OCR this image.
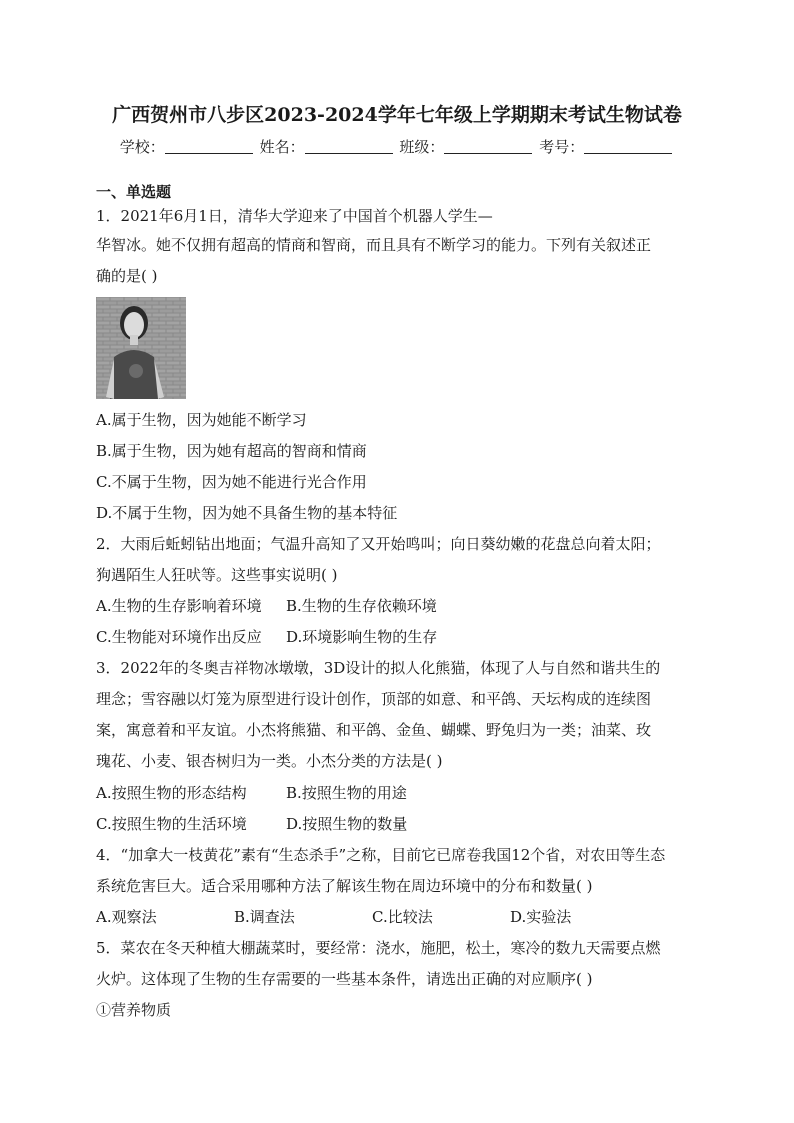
广西贺州市八步区2023-2024学年七年级上学期期末考试生物试卷
学校：	姓名：	班级：	考号：
一、单选题
1．2021年6月1日，清华大学迎来了中国首个机器人学生—
华智冰。她不仅拥有超高的情商和智商，而且具有不断学习的能力。下列有关叙述正
确的是( )
A.属于生物，因为她能不断学习
B.属于生物，因为她有超高的智商和情商
C.不属于生物，因为她不能进行光合作用
D.不属于生物，因为她不具备生物的基本特征
2．大雨后蚯蚓钻出地面；气温升高知了又开始鸣叫；向日葵幼嫩的花盘总向着太阳；
狗遇陌生人狂吠等。这些事实说明( )
A.生物的生存影响着环境 B.生物的生存依赖环境
C.生物能对环境作出反应 D.环境影响生物的生存
3．2022年的冬奥吉祥物冰墩墩，3D设计的拟人化熊猫，体现了人与自然和谐共生的
理念；雪容融以灯笼为原型进行设计创作，顶部的如意、和平鸽、天坛构成的连续图
案，寓意着和平友谊。小杰将熊猫、和平鸽、金鱼、蝴蝶、野兔归为一类；油菜、玫
瑰花、小麦、银杏树归为一类。小杰分类的方法是( )
A.按照生物的形态结构	B.按照生物的用途
C.按照生物的生活环境	D.按照生物的数量
4．“加拿大一枝黄花”素有“生态杀手”之称，目前它已席卷我国12个省，对农田等生态
系统危害巨大。适合采用哪种方法了解该生物在周边环境中的分布和数量( )
A.观察法	B.调查法	C.比较法	D.实验法
5．菜农在冬天种植大棚蔬菜时，要经常：浇水，施肥，松土，寒冷的数九天需要点燃
火炉。这体现了生物的生存需要的一些基本条件，请选出正确的对应顺序( )
①营养物质
